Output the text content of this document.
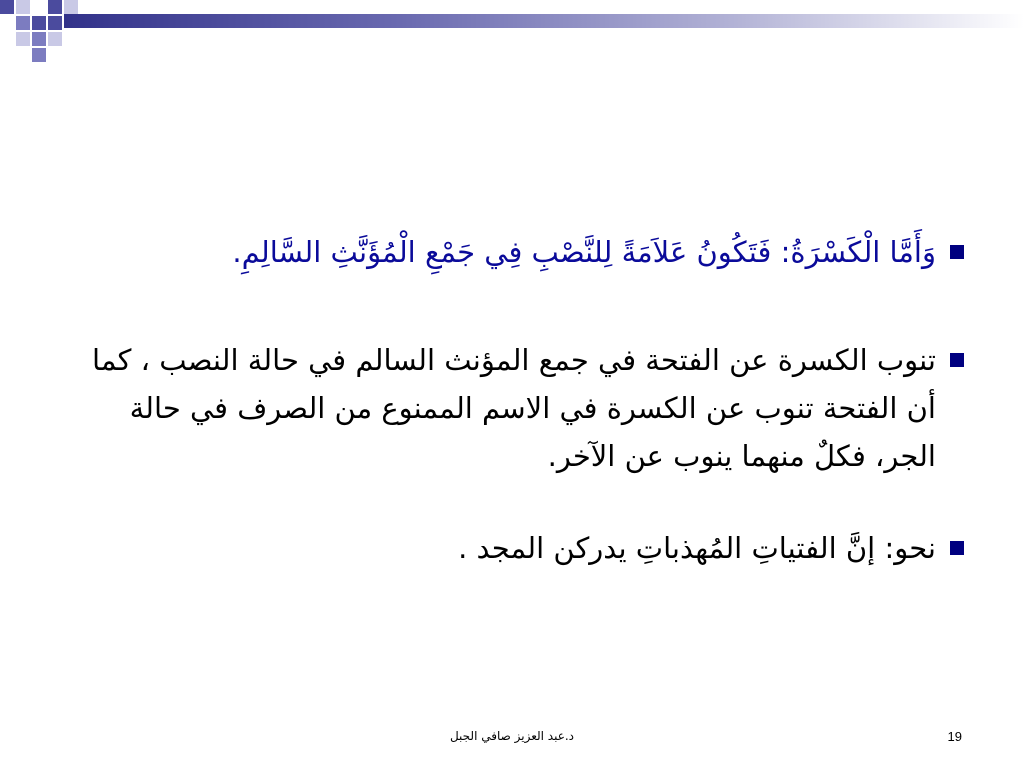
وَأَمَّا الْكَسْرَةُ: فَتَكُونُ عَلاَمَةً لِلنَّصْبِ فِي جَمْعِ الْمُؤَنَّثِ السَّالِمِ.
تنوب الكسرة عن الفتحة في جمع المؤنث السالم في حالة النصب ، كما أن الفتحة تنوب عن الكسرة في الاسم الممنوع من الصرف في حالة الجر، فكلٌ منهما ينوب عن الآخر.
نحو: إنَّ الفتياتِ المُهذباتِ يدركن المجد .
د.عبد العزيز صافي الجبل	19
